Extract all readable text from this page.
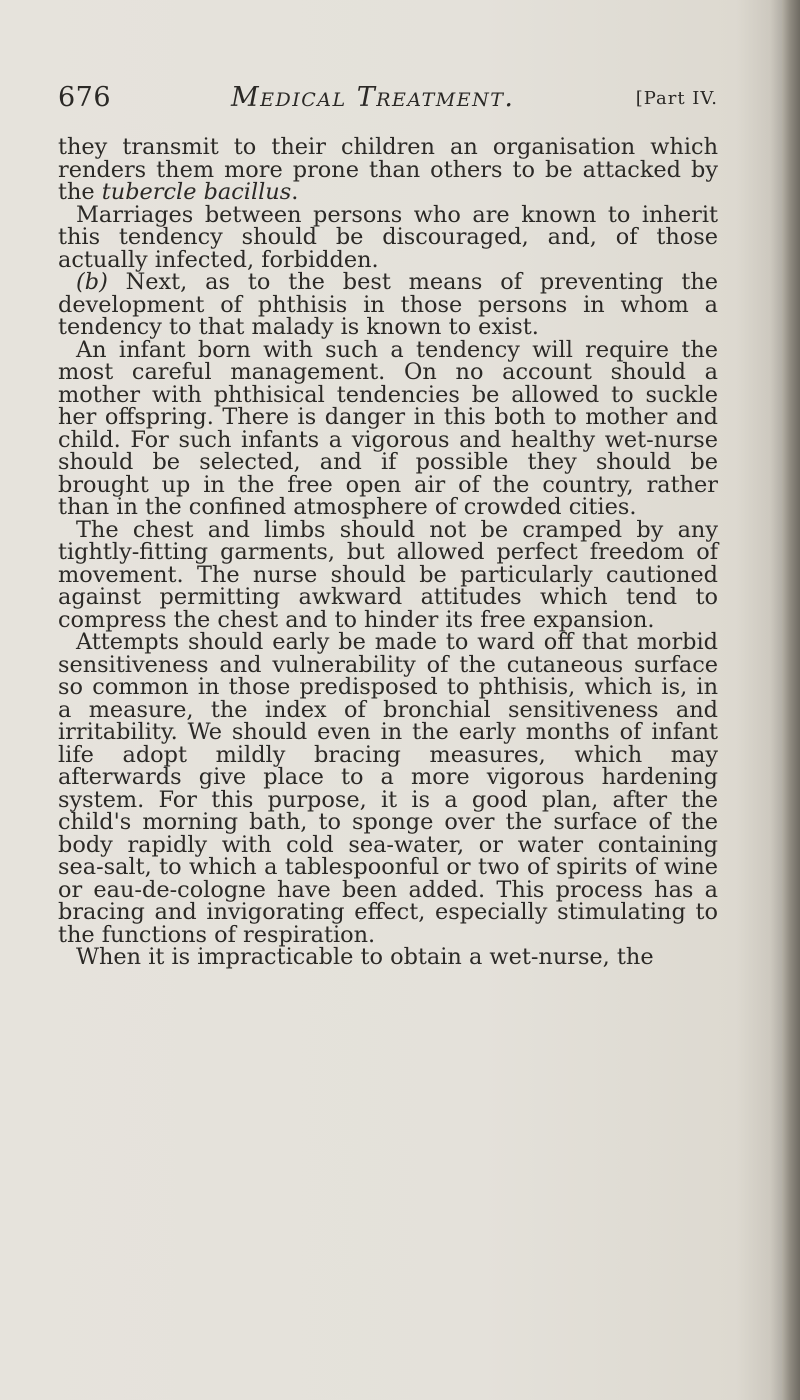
676	Medical Treatment.	[Part IV.

they transmit to their children an organisation which renders them more prone than others to be attacked by the tubercle bacillus.

Marriages between persons who are known to inherit this tendency should be discouraged, and, of those actually infected, forbidden.

(b) Next, as to the best means of preventing the development of phthisis in those persons in whom a tendency to that malady is known to exist.

An infant born with such a tendency will require the most careful management. On no account should a mother with phthisical tendencies be allowed to suckle her offspring. There is danger in this both to mother and child. For such infants a vigorous and healthy wet-nurse should be selected, and if possible they should be brought up in the free open air of the country, rather than in the confined atmosphere of crowded cities.

The chest and limbs should not be cramped by any tightly-fitting garments, but allowed perfect freedom of movement. The nurse should be particularly cautioned against permitting awkward attitudes which tend to compress the chest and to hinder its free expansion.

Attempts should early be made to ward off that morbid sensitiveness and vulnerability of the cutaneous surface so common in those predisposed to phthisis, which is, in a measure, the index of bronchial sensitiveness and irritability. We should even in the early months of infant life adopt mildly bracing measures, which may afterwards give place to a more vigorous hardening system. For this purpose, it is a good plan, after the child's morning bath, to sponge over the surface of the body rapidly with cold sea-water, or water containing sea-salt, to which a tablespoonful or two of spirits of wine or eau-de-cologne have been added. This process has a bracing and invigorating effect, especially stimulating to the functions of respiration.

When it is impracticable to obtain a wet-nurse, the
